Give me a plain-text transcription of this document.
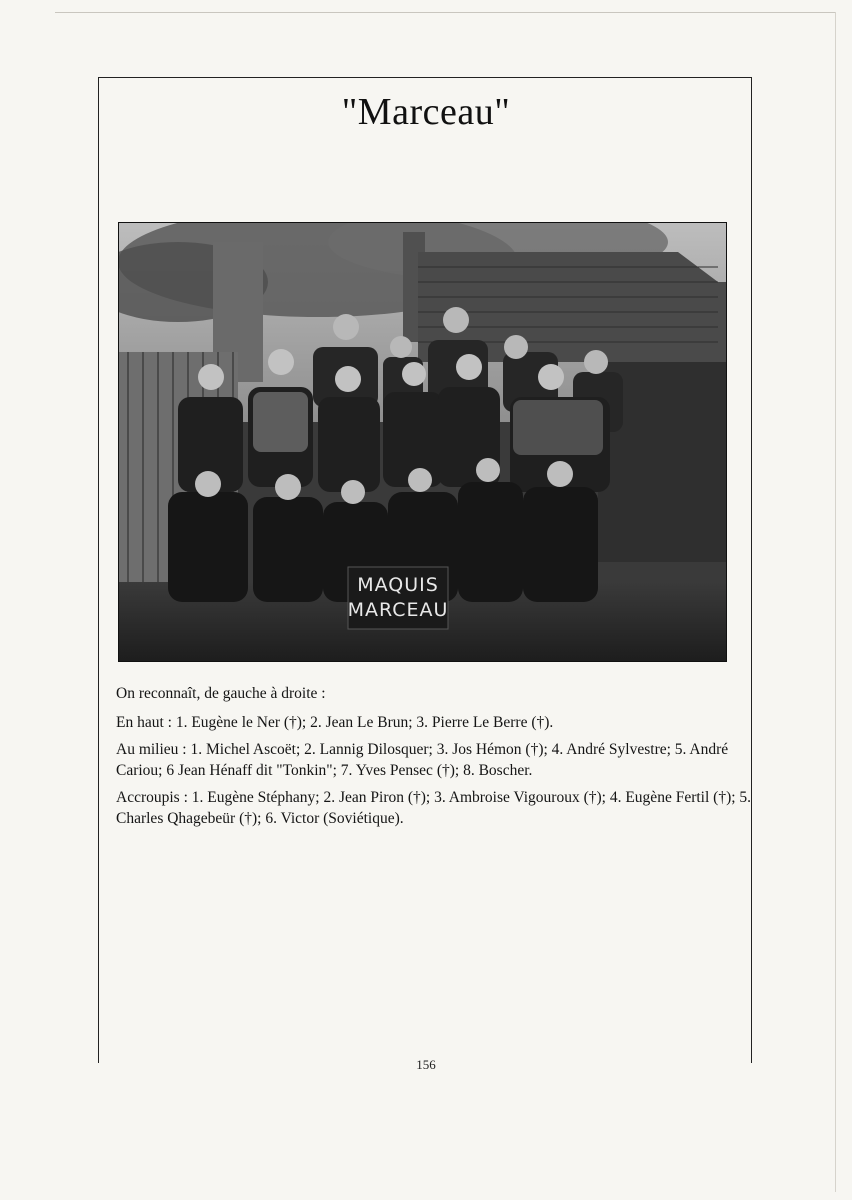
"Marceau"
MAQUIS
MARCEAU

On reconnaît, de gauche à droite :

En haut : 1. Eugène le Ner (†); 2. Jean Le Brun; 3. Pierre Le Berre (†).

Au milieu : 1. Michel Ascoët; 2. Lannig Dilosquer; 3. Jos Hémon (†); 4. André Sylvestre; 5. André Cariou; 6 Jean Hénaff dit "Tonkin"; 7. Yves Pensec (†); 8. Boscher.

Accroupis : 1. Eugène Stéphany; 2. Jean Piron (†); 3. Ambroise Vigouroux (†); 4. Eugène Fertil (†); 5. Charles Qhagebeür (†); 6. Victor (Soviétique).

156
